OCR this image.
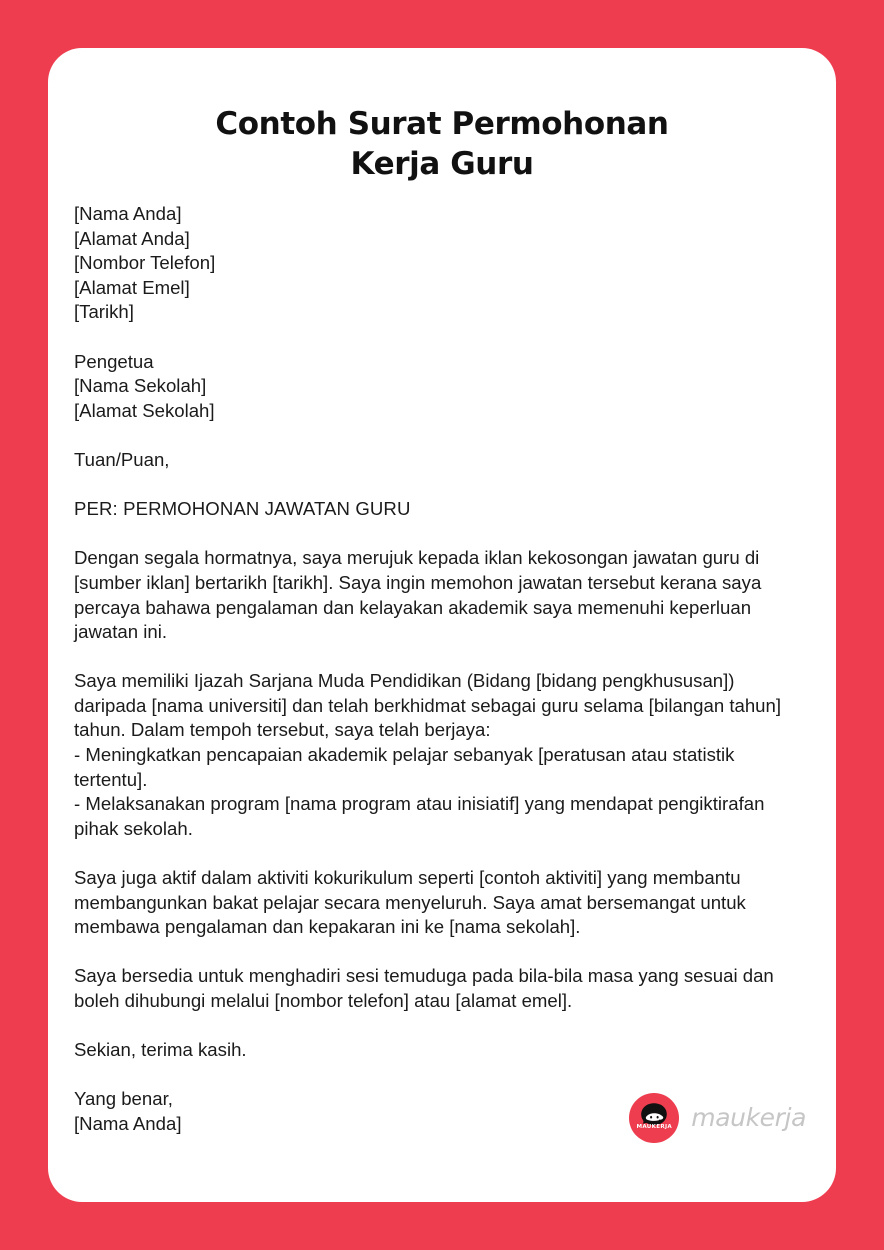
Contoh Surat Permohonan
Kerja Guru
[Nama Anda]
[Alamat Anda]
[Nombor Telefon]
[Alamat Emel]
[Tarikh]
Pengetua
[Nama Sekolah]
[Alamat Sekolah]
Tuan/Puan,
PER: PERMOHONAN JAWATAN GURU
Dengan segala hormatnya, saya merujuk kepada iklan kekosongan jawatan guru di [sumber iklan] bertarikh [tarikh]. Saya ingin memohon jawatan tersebut kerana saya percaya bahawa pengalaman dan kelayakan akademik saya memenuhi keperluan jawatan ini.
Saya memiliki Ijazah Sarjana Muda Pendidikan (Bidang [bidang pengkhususan]) daripada [nama universiti] dan telah berkhidmat sebagai guru selama [bilangan tahun] tahun. Dalam tempoh tersebut, saya telah berjaya:
- Meningkatkan pencapaian akademik pelajar sebanyak [peratusan atau statistik tertentu].
- Melaksanakan program [nama program atau inisiatif] yang mendapat pengiktirafan pihak sekolah.
Saya juga aktif dalam aktiviti kokurikulum seperti [contoh aktiviti] yang membantu membangunkan bakat pelajar secara menyeluruh. Saya amat bersemangat untuk membawa pengalaman dan kepakaran ini ke [nama sekolah].
Saya bersedia untuk menghadiri sesi temuduga pada bila-bila masa yang sesuai dan boleh dihubungi melalui [nombor telefon] atau [alamat emel].
Sekian, terima kasih.
Yang benar,
[Nama Anda]	MAUKERJA maukerja
